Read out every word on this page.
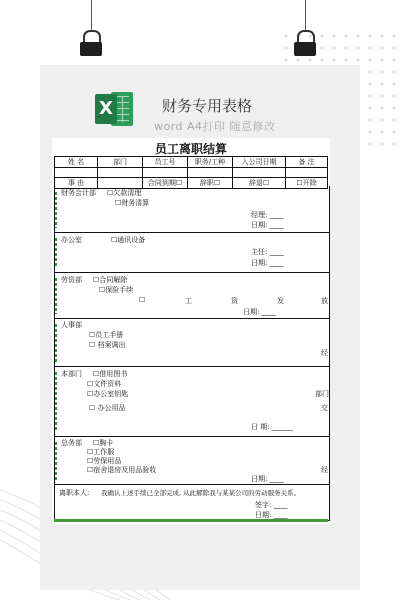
X	财务专用表格
word A4打印 随意修改
员工离职结算
姓 名	部门	员工号	职务/工种	入公司日期	备 注

事 由		合同到期☐	辞职☐	辞退☐	☐开除
财务会计部 ☐欠款清理
☐财务清算
经理: ____
日期: ____
办公室	☐通讯设备
主任: ____
日期: ____
劳资部 ☐合同解除
☐保险手续
☐	工	资	发	放
日期: ____
人事部
☐员工手册
☐ 档案调出
经
本部门 ☐借用图书
☐文件资料
☐办公室钥匙
☐ 办公用品
部门
交
日 期: ______
总务部 ☐胸卡
☐工作服
☐劳保用品
☐宿舍退房及用品验收	经
日期: ____
离职本人: 我确认上述手续已全部完成, 从此解除我与某某公司的劳动服务关系。
签字: ____
日期: ____
